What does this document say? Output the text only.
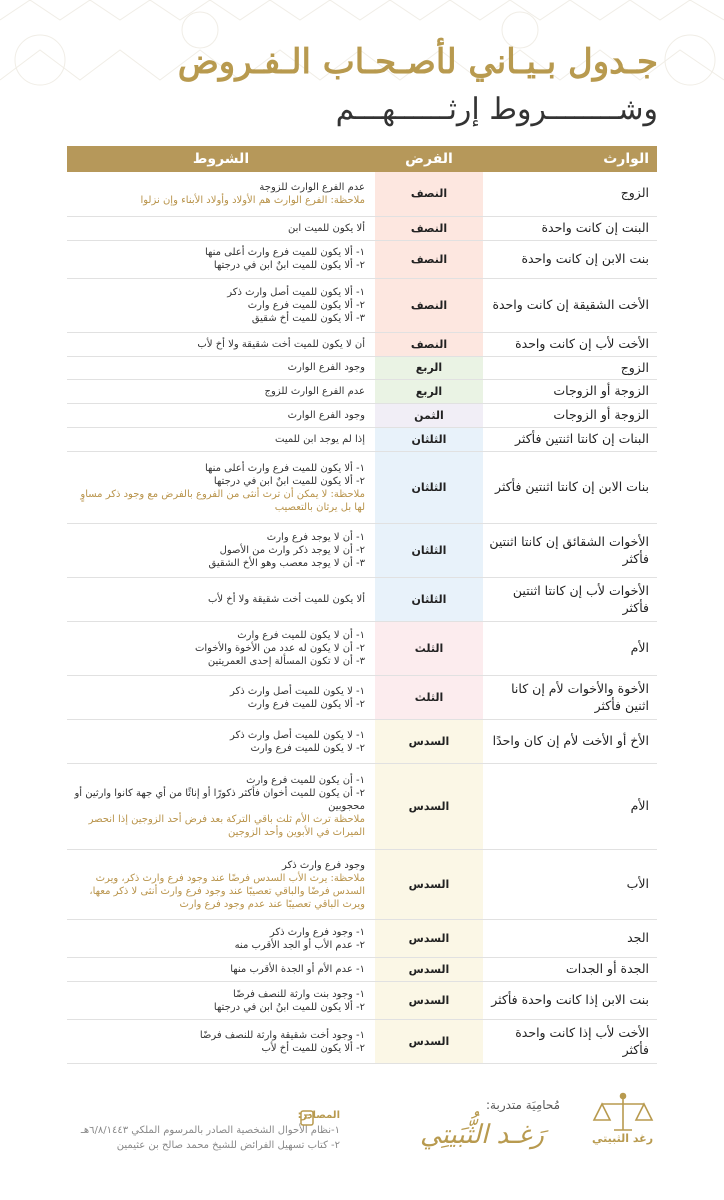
جـدول بـيـاني لأصـحـاب الـفـروض
وشــــــــروط إرثــــــهـــم
الوارث	الفرض	الشروط
الزوج	النصف	عدم الفرع الوارث للزوجة
ملاحظة: الفرع الوارث هم الأولاد وأولاد الأبناء وإن نزلوا

البنت إن كانت واحدة	النصف	ألا يكون للميت ابن

بنت الابن إن كانت واحدة	النصف	١- ألا يكون للميت فرع وارث أعلى منها
٢- ألا يكون للميت ابنٌ ابن في درجتها

الأخت الشقيقة إن كانت واحدة	النصف	١- ألا يكون للميت أصل وارث ذكر
٢- ألا يكون للميت فرع وارث
٣- ألا يكون للميت أخ شقيق

الأخت لأب إن كانت واحدة	النصف	أن لا يكون للميت أخت شقيقة ولا أخ لأب

الزوج	الربع	وجود الفرع الوارث

الزوجة أو الزوجات	الربع	عدم الفرع الوارث للزوج

الزوجة أو الزوجات	الثمن	وجود الفرع الوارث

البنات إن كانتا اثنتين فأكثر	الثلثان	إذا لم يوجد ابن للميت

بنات الابن إن كانتا اثنتين فأكثر	الثلثان	١- ألا يكون للميت فرع وارث أعلى منها
٢- ألا يكون للميت ابنٌ ابن في درجتها
ملاحظة: لا يمكن أن ترث أنثى من الفروع بالفرض مع وجود ذكر مساوٍ لها بل يرثان بالتعصيب

الأخوات الشقائق إن كانتا اثنتين فأكثر	الثلثان	١- أن لا يوجد فرع وارث
٢- أن لا يوجد ذكر وارث من الأصول
٣- أن لا يوجد معصب وهو الأخ الشقيق

الأخوات لأب إن كانتا اثنتين فأكثر	الثلثان	ألا يكون للميت أخت شقيقة ولا أخ لأب

الأم	الثلث	١- أن لا يكون للميت فرع وارث
٢- أن لا يكون له عدد من الأخوة والأخوات
٣- أن لا تكون المسألة إحدى العمريتين

الأخوة والأخوات لأم إن كانا اثنين فأكثر	الثلث	١- لا يكون للميت أصل وارث ذكر
٢- ألا يكون للميت فرع وارث

الأخ أو الأخت لأم إن كان واحدًا	السدس	١- لا يكون للميت أصل وارث ذكر
٢- لا يكون للميت فرع وارث

الأم	السدس	١- أن يكون للميت فرع وارث
٢- أن يكون للميت أخوان فأكثر ذكورًا أو إناثًا من أي جهة كانوا وارثين أو محجوبين
ملاحظة ترث الأم ثلث باقي التركة بعد فرض أحد الزوجين إذا انحصر الميراث في الأبوين وأحد الزوجين

الأب	السدس	وجود فرع وارث ذكر
ملاحظة: يرث الأب السدس فرضًا عند وجود فرع وارث ذكر، ويرث السدس فرضًا والباقي تعصيبًا عند وجود فرع وارث أنثى لا ذكر معها، ويرث الباقي تعصيبًا عند عدم وجود فرع وارث

الجد	السدس	١- وجود فرع وارث ذكر
٢- عدم الأب أو الجد الأقرب منه

الجدة أو الجدات	السدس	١- عدم الأم أو الجدة الأقرب منها

بنت الابن إذا كانت واحدة فأكثر	السدس	١- وجود بنت وارثة للنصف فرضًا
٢- ألا يكون للميت ابنُ ابن في درجتها

الأخت لأب إذا كانت واحدة فأكثر	السدس	١- وجود أخت شقيقة وارثة للنصف فرضًا
٢- ألا يكون للميت أخ لأب
المصادر:
١-نظام الأحوال الشخصية الصادر بالمرسوم الملكي ٦/٨/١٤٤٣هـ
٢- كتاب تسهيل الفرائض للشيخ محمد صالح بن عثيمين
مُحامِيَة متدربة:
رَغـد الثُّبَيتِي	رغد الثبيتي
